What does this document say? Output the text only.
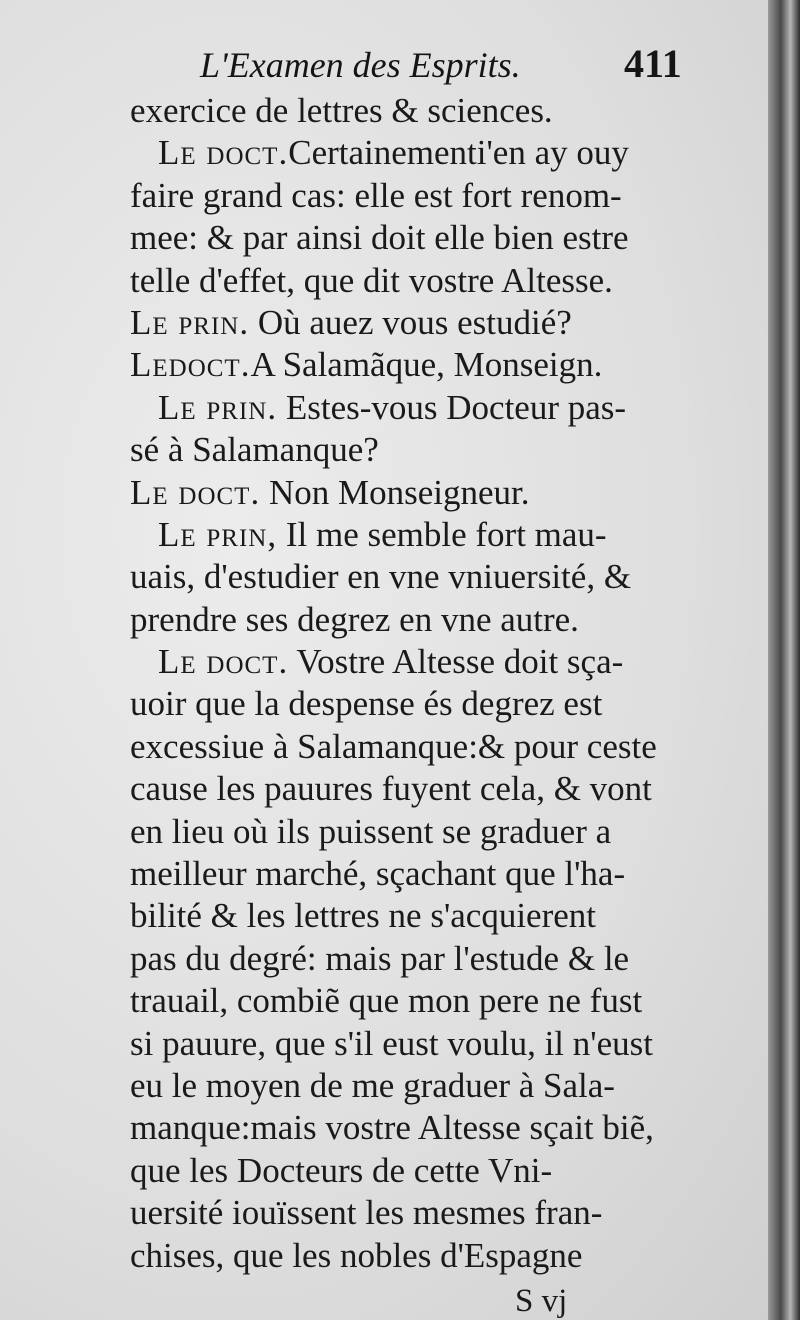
L'Examen des Esprits.	411
exercice de lettres & sciences.
Le doct.Certainementi'en ay ouy
faire grand cas: elle est fort renom-
mee: & par ainsi doit elle bien estre
telle d'effet, que dit vostre Altesse.
Le prin. Où auez vous estudié?
Ledoct.A Salamãque, Monseign.
Le prin. Estes-vous Docteur pas-
sé à Salamanque?
Le doct. Non Monseigneur.
Le prin, Il me semble fort mau-
uais, d'estudier en vne vniuersité, &
prendre ses degrez en vne autre.
Le doct. Vostre Altesse doit sça-
uoir que la despense és degrez est
excessiue à Salamanque:& pour ceste
cause les pauures fuyent cela, & vont
en lieu où ils puissent se graduer a
meilleur marché, sçachant que l'ha-
bilité & les lettres ne s'acquierent
pas du degré: mais par l'estude & le
trauail, combiẽ que mon pere ne fust
si pauure, que s'il eust voulu, il n'eust
eu le moyen de me graduer à Sala-
manque:mais vostre Altesse sçait biẽ,
que les Docteurs de cette Vni-
uersité iouïssent les mesmes fran-
chises, que les nobles d'Espagne
S vj
